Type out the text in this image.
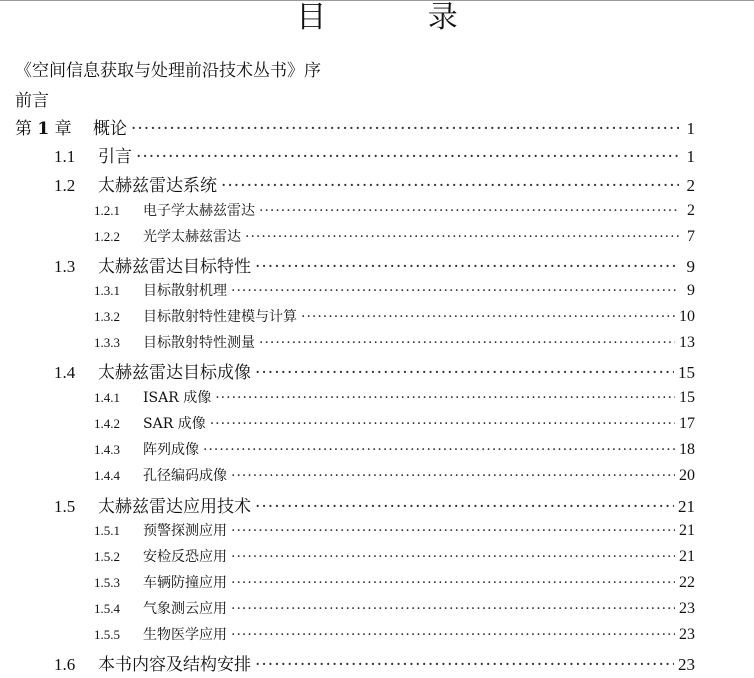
目 录
《空间信息获取与处理前沿技术丛书》序
前言
第 1 章	概论 ·····	1
1.1	引言 ·····	1
1.2	太赫兹雷达系统 ·····	2
1.2.1	电子学太赫兹雷达 ·····	2
1.2.2	光学太赫兹雷达 ·····	7
1.3	太赫兹雷达目标特性 ·····	9
1.3.1	目标散射机理 ·····	9
1.3.2	目标散射特性建模与计算 ·····	10
1.3.3	目标散射特性测量 ·····	13
1.4	太赫兹雷达目标成像 ·····	15
1.4.1	ISAR 成像 ·····	15
1.4.2	SAR 成像 ·····	17
1.4.3	阵列成像 ·····	18
1.4.4	孔径编码成像 ·····	20
1.5	太赫兹雷达应用技术 ·····	21
1.5.1	预警探测应用 ·····	21
1.5.2	安检反恐应用 ·····	21
1.5.3	车辆防撞应用 ·····	22
1.5.4	气象测云应用 ·····	23
1.5.5	生物医学应用 ·····	23
1.6	本书内容及结构安排 ·····	23
